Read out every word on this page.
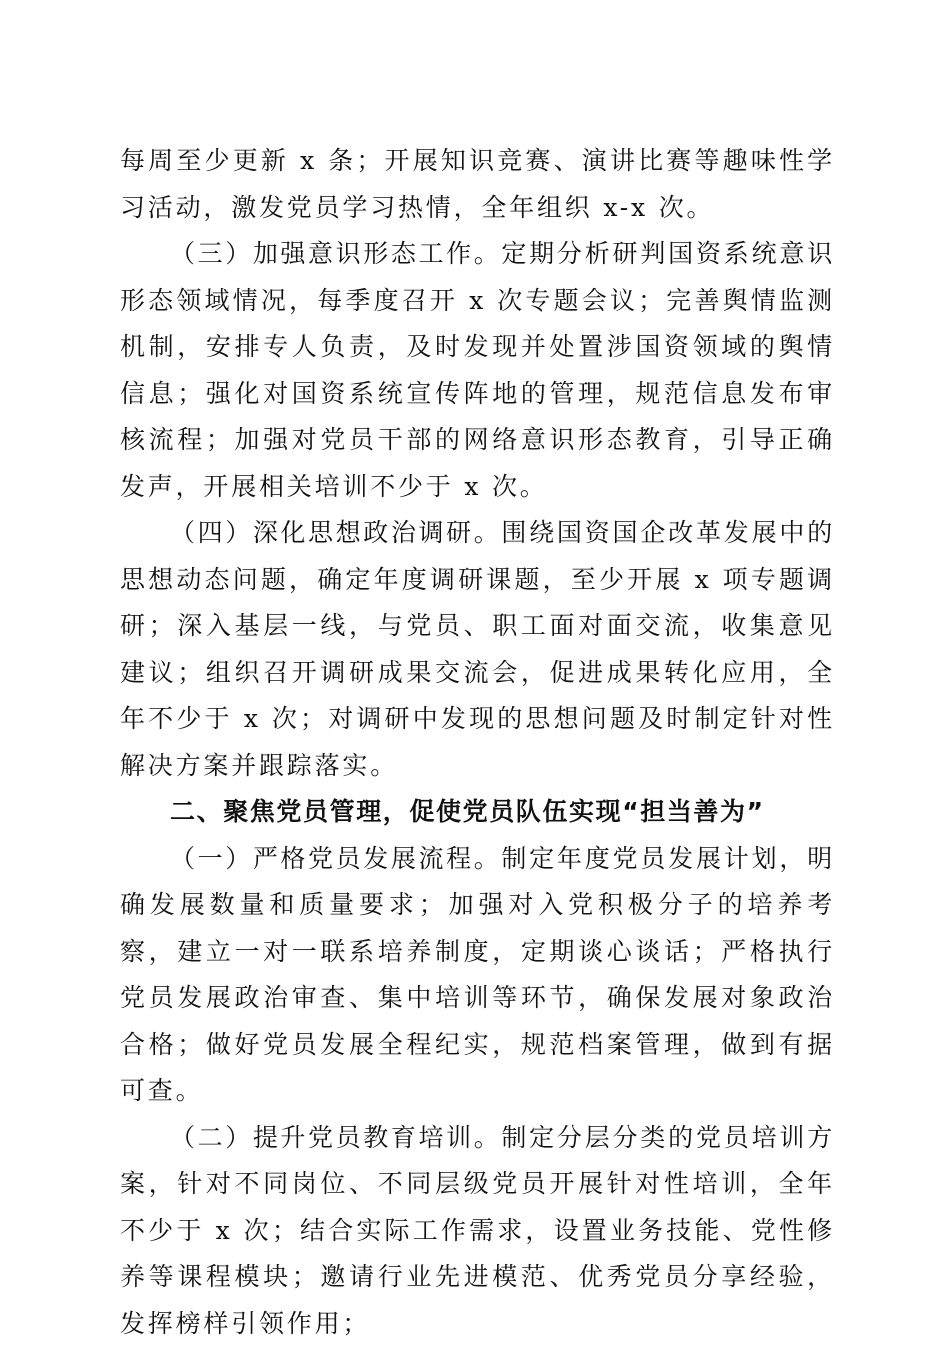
每周至少更新 x 条；开展知识竞赛、演讲比赛等趣味性学习活动，激发党员学习热情，全年组织 x-x 次。

（三）加强意识形态工作。定期分析研判国资系统意识形态领域情况，每季度召开 x 次专题会议；完善舆情监测机制，安排专人负责，及时发现并处置涉国资领域的舆情信息；强化对国资系统宣传阵地的管理，规范信息发布审核流程；加强对党员干部的网络意识形态教育，引导正确发声，开展相关培训不少于 x 次。

（四）深化思想政治调研。围绕国资国企改革发展中的思想动态问题，确定年度调研课题，至少开展 x 项专题调研；深入基层一线，与党员、职工面对面交流，收集意见建议；组织召开调研成果交流会，促进成果转化应用，全年不少于 x 次；对调研中发现的思想问题及时制定针对性解决方案并跟踪落实。

二、聚焦党员管理，促使党员队伍实现“担当善为”

（一）严格党员发展流程。制定年度党员发展计划，明确发展数量和质量要求；加强对入党积极分子的培养考察，建立一对一联系培养制度，定期谈心谈话；严格执行党员发展政治审查、集中培训等环节，确保发展对象政治合格；做好党员发展全程纪实，规范档案管理，做到有据可查。

（二）提升党员教育培训。制定分层分类的党员培训方案，针对不同岗位、不同层级党员开展针对性培训，全年不少于 x 次；结合实际工作需求，设置业务技能、党性修养等课程模块；邀请行业先进模范、优秀党员分享经验，发挥榜样引领作用；
